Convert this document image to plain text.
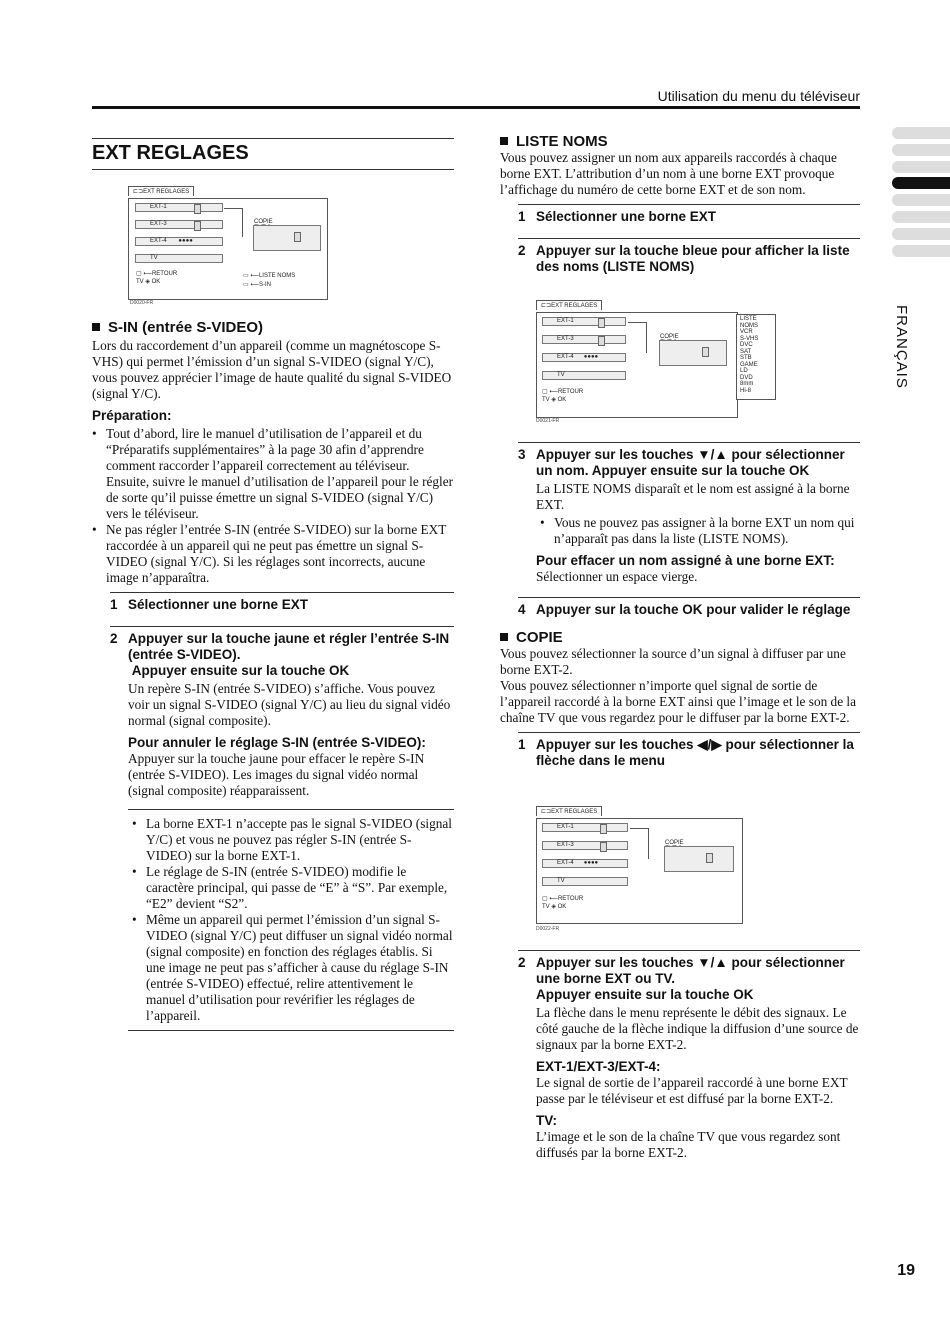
Utilisation du menu du téléviseur
FRANÇAIS
19
EXT REGLAGES
⊏⊐EXT REGLAGES
EXT-1
EXT-3
EXT-4       ●●●●
TV
COPIE

▢ ⟵RETOUR
TV ◈ OK
▭ ⟵LISTE NOMS
▭ ⟵S-IN
D0020-FR

S-IN (entrée S-VIDEO)

Lors du raccordement d’un appareil (comme un magnétoscope S-VHS) qui permet l’émission d’un signal S-VIDEO (signal Y/C), vous pouvez apprécier l’image de haute qualité du signal S-VIDEO (signal Y/C).

Préparation:

• Tout d’abord, lire le manuel d’utilisation de l’appareil et du “Préparatifs supplémentaires” à la page 30 afin d’apprendre comment raccorder l’appareil correctement au téléviseur. Ensuite, suivre le manuel d’utilisation de l’appareil pour le régler de sorte qu’il puisse émettre un signal S-VIDEO (signal Y/C) vers le téléviseur.
• Ne pas régler l’entrée S-IN (entrée S-VIDEO) sur la borne EXT raccordée à un appareil qui ne peut pas émettre un signal S-VIDEO (signal Y/C). Si les réglages sont incorrects, aucune image n’apparaîtra.
1 Sélectionner une borne EXT
2 Appuyer sur la touche jaune et régler l’entrée S-IN (entrée S-VIDEO).
Appuyer ensuite sur la touche OK

Un repère S-IN (entrée S-VIDEO) s’affiche. Vous pouvez voir un signal S-VIDEO (signal Y/C) au lieu du signal vidéo normal (signal composite).

Pour annuler le réglage S-IN (entrée S-VIDEO):

Appuyer sur la touche jaune pour effacer le repère S-IN (entrée S-VIDEO). Les images du signal vidéo normal (signal composite) réapparaissent.

• La borne EXT-1 n’accepte pas le signal S-VIDEO (signal Y/C) et vous ne pouvez pas régler S-IN (entrée S-VIDEO) sur la borne EXT-1.
• Le réglage de S-IN (entrée S-VIDEO) modifie le caractère principal, qui passe de “E” à “S”. Par exemple, “E2” devient “S2”.
• Même un appareil qui permet l’émission d’un signal S-VIDEO (signal Y/C) peut diffuser un signal vidéo normal (signal composite) en fonction des réglages établis. Si une image ne peut pas s’afficher à cause du réglage S-IN (entrée S-VIDEO) effectué, relire attentivement le manuel d’utilisation pour revérifier les réglages de l’appareil.

LISTE NOMS

Vous pouvez assigner un nom aux appareils raccordés à chaque borne EXT. L’attribution d’un nom à une borne EXT provoque l’affichage du numéro de cette borne EXT et de son nom.

1 Sélectionner une borne EXT
2 Appuyer sur la touche bleue pour afficher la liste des noms (LISTE NOMS)
⊏⊐EXT REGLAGES
EXT-1
EXT-3
EXT-4      ●●●●
TV
COPIE

▢ ⟵RETOUR
TV ◈ OK
LISTE NOMS
VCR
S-VHS
DVC
SAT
STB
GAME
LD
DVD
8mm
Hi-8
D0021-FR
3 Appuyer sur les touches ▼/▲ pour sélectionner un nom. Appuyer ensuite sur la touche OK

La LISTE NOMS disparaît et le nom est assigné à la borne EXT.

• Vous ne pouvez pas assigner à la borne EXT un nom qui n’apparaît pas dans la liste (LISTE NOMS).

Pour effacer un nom assigné à une borne EXT:

Sélectionner un espace vierge.

4 Appuyer sur la touche OK pour valider le réglage

COPIE

Vous pouvez sélectionner la source d’un signal à diffuser par une borne EXT-2.

Vous pouvez sélectionner n’importe quel signal de sortie de l’appareil raccordé à la borne EXT ainsi que l’image et le son de la chaîne TV que vous regardez pour le diffuser par la borne EXT-2.

1 Appuyer sur les touches ◀/▶ pour sélectionner la flèche dans le menu
⊏⊐EXT REGLAGES
EXT-1
EXT-3
EXT-4      ●●●●
TV
COPIE

▢ ⟵RETOUR
TV ◈ OK
D0022-FR
2 Appuyer sur les touches ▼/▲ pour sélectionner une borne EXT ou TV.
Appuyer ensuite sur la touche OK

La flèche dans le menu représente le débit des signaux. Le côté gauche de la flèche indique la diffusion d’une source de signaux par la borne EXT-2.

EXT-1/EXT-3/EXT-4:

Le signal de sortie de l’appareil raccordé à une borne EXT passe par le téléviseur et est diffusé par la borne EXT-2.

TV:

L’image et le son de la chaîne TV que vous regardez sont diffusés par la borne EXT-2.
